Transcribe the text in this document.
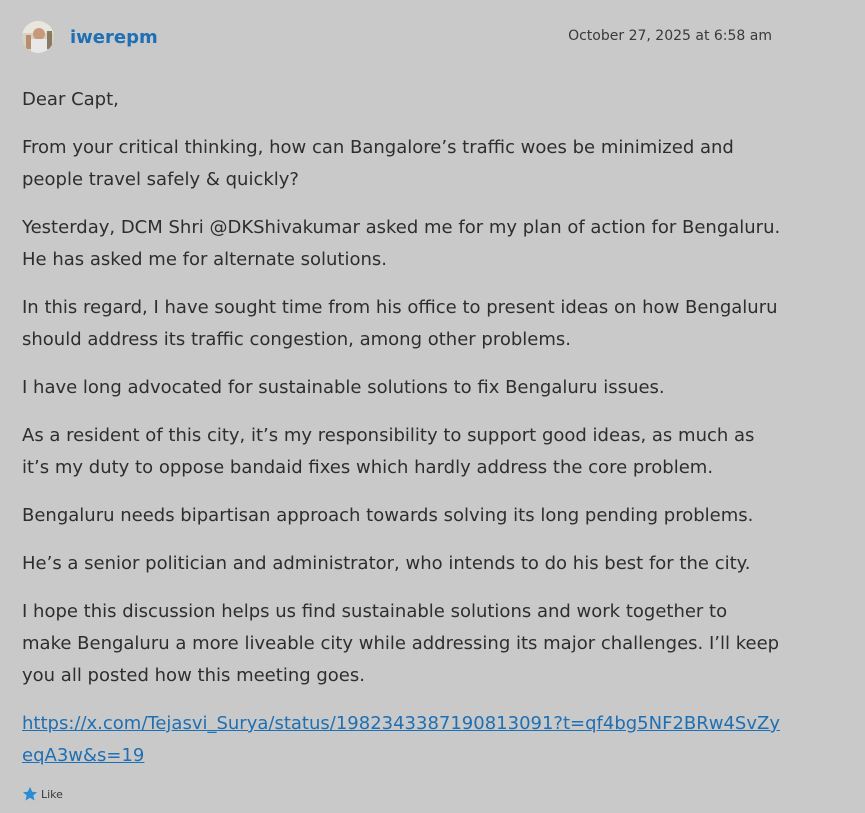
iwerepm	October 27, 2025 at 6:58 am

Dear Capt,

From your critical thinking, how can Bangalore’s traffic woes be minimized and people travel safely & quickly?

Yesterday, DCM Shri @DKShivakumar asked me for my plan of action for Bengaluru. He has asked me for alternate solutions.

In this regard, I have sought time from his office to present ideas on how Bengaluru should address its traffic congestion, among other problems.

I have long advocated for sustainable solutions to fix Bengaluru issues.

As a resident of this city, it’s my responsibility to support good ideas, as much as it’s my duty to oppose bandaid fixes which hardly address the core problem.

Bengaluru needs bipartisan approach towards solving its long pending problems.

He’s a senior politician and administrator, who intends to do his best for the city.

I hope this discussion helps us find sustainable solutions and work together to make Bengaluru a more liveable city while addressing its major challenges. I’ll keep you all posted how this meeting goes.

https://x.com/Tejasvi_Surya/status/1982343387190813091?t=qf4bg5NF2BRw4SvZyeqA3w&s=19

Like
